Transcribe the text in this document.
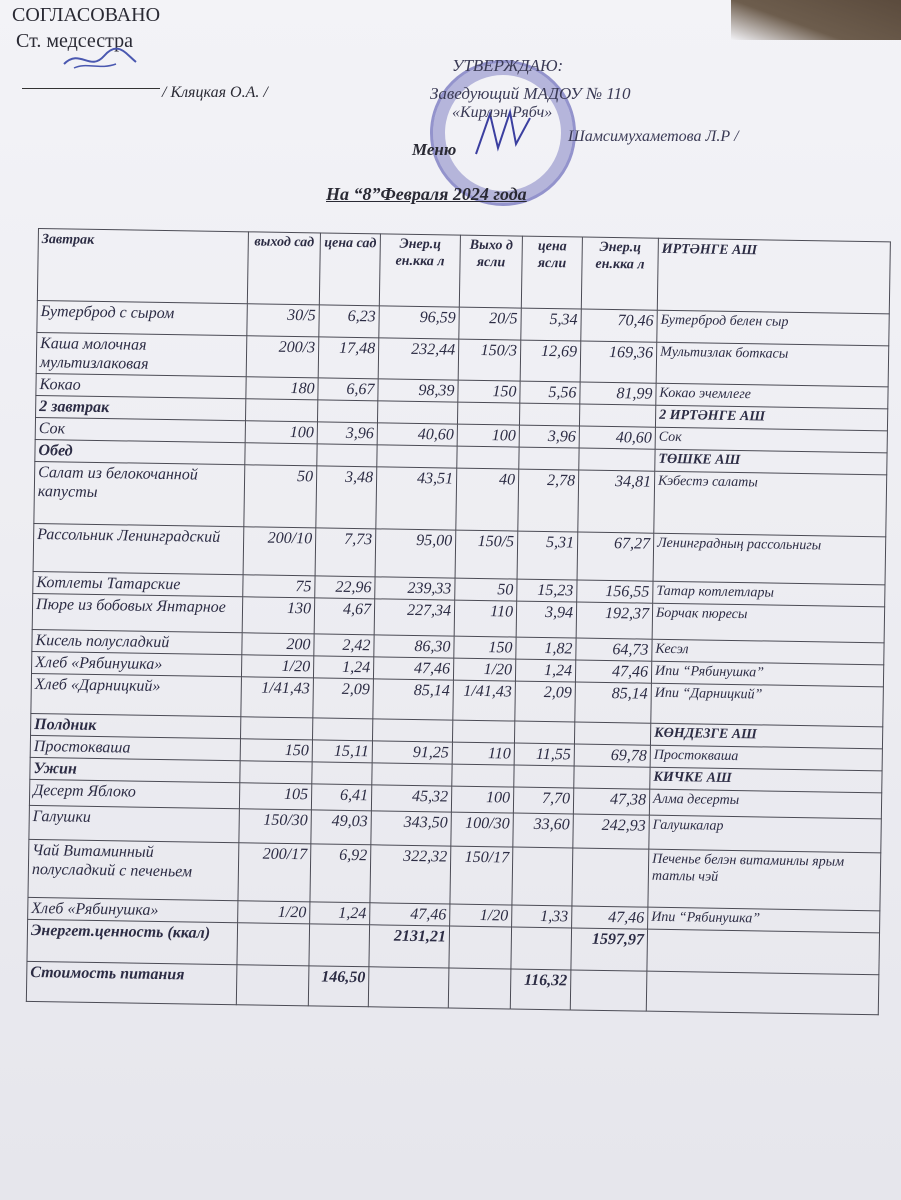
СОГЛАСОВАНО
Ст. медсестра
/ Кляцкая О.А. /
УТВЕРЖДАЮ:
Заведующий МАДОУ № 110
«Кирлэн Рябч»
Шамсимухаметова Л.Р /
Меню
На “8”Февраля 2024 года
Завтрак	выход сад	цена сад	Энер.ц ен.кка л	Выхо д ясли	цена ясли	Энер.ц ен.кка л	ИРТӘНГЕ АШ
Бутерброд с сыром	30/5	6,23	96,59	20/5	5,34	70,46	Бутерброд белен сыр
Каша молочная мультизлаковая	200/3	17,48	232,44	150/3	12,69	169,36	Мультизлак боткасы
Кокао	180	6,67	98,39	150	5,56	81,99	Кокао эчемлеге
2 завтрак							2 ИРТӘНГЕ АШ
Сок	100	3,96	40,60	100	3,96	40,60	Сок
Обед							ТӨШКЕ АШ
Салат из белокочанной капусты	50	3,48	43,51	40	2,78	34,81	Кэбестэ салаты
Рассольник Ленинградский	200/10	7,73	95,00	150/5	5,31	67,27	Ленинградның рассольнигы
Котлеты Татарские	75	22,96	239,33	50	15,23	156,55	Татар котлетлары
Пюре из бобовых Янтарное	130	4,67	227,34	110	3,94	192,37	Борчак пюресы
Кисель полусладкий	200	2,42	86,30	150	1,82	64,73	Кесэл
Хлеб «Рябинушка»	1/20	1,24	47,46	1/20	1,24	47,46	Ипи “Рябинушка”
Хлеб «Дарницкий»	1/41,43	2,09	85,14	1/41,43	2,09	85,14	Ипи “Дарницкий”
Полдник							КӨНДЕЗГЕ АШ
Простокваша	150	15,11	91,25	110	11,55	69,78	Простокваша
Ужин							КИЧКЕ АШ
Десерт Яблоко	105	6,41	45,32	100	7,70	47,38	Алма десерты
Галушки	150/30	49,03	343,50	100/30	33,60	242,93	Галушкалар
Чай Витаминный полусладкий с печеньем	200/17	6,92	322,32	150/17			Печенье белэн витаминлы ярым татлы чэй
Хлеб «Рябинушка»	1/20	1,24	47,46	1/20	1,33	47,46	Ипи “Рябинушка”
Энергет.ценность (ккал)			2131,21			1597,97	
Стоимость питания		146,50			116,32		
